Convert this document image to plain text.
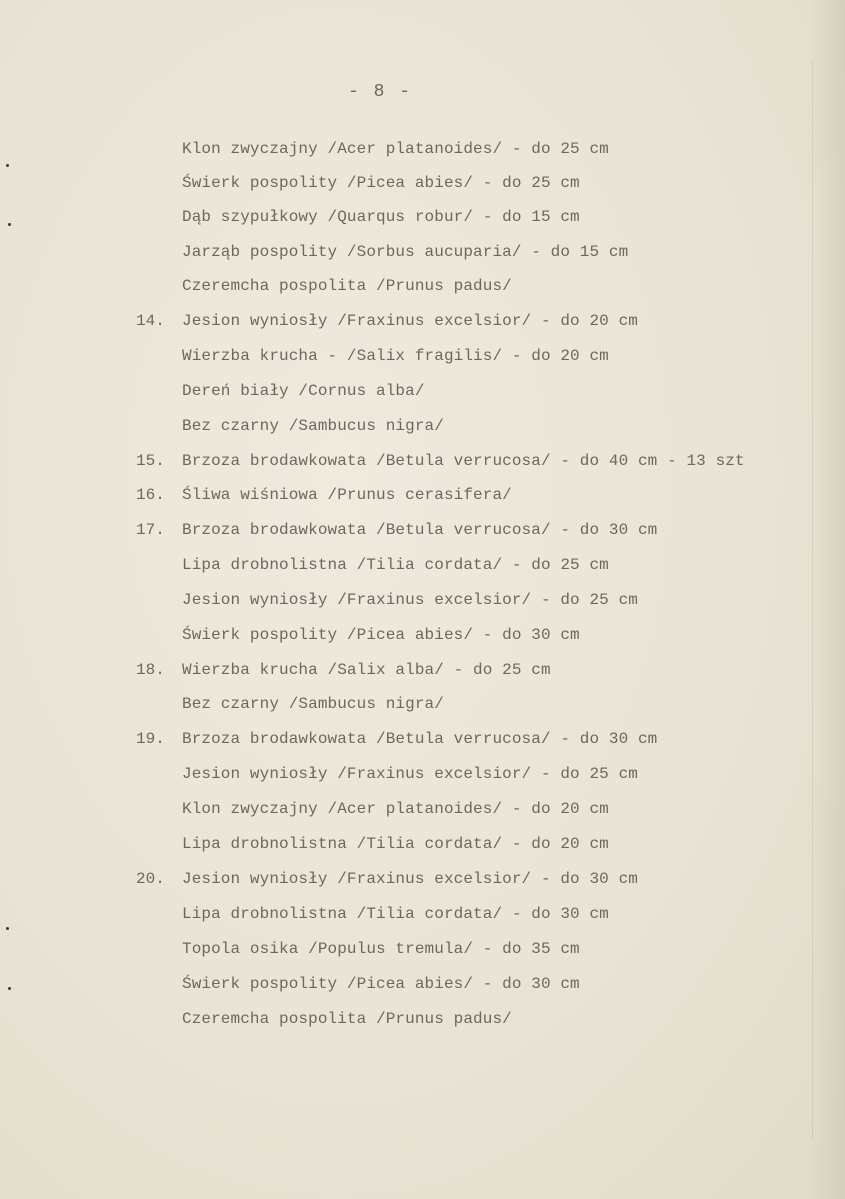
- 8 -
Klon zwyczajny /Acer platanoides/ - do 25 cm
Świerk pospolity /Picea abies/ - do 25 cm
Dąb szypułkowy /Quarqus robur/ - do 15 cm
Jarząb pospolity /Sorbus aucuparia/ - do 15 cm
Czeremcha pospolita /Prunus padus/
14.	Jesion wyniosły /Fraxinus excelsior/ - do 20 cm
Wierzba krucha - /Salix fragilis/ - do 20 cm
Dereń biały /Cornus alba/
Bez czarny /Sambucus nigra/
15.	Brzoza brodawkowata /Betula verrucosa/ - do 40 cm - 13 szt
16.	Śliwa wiśniowa /Prunus cerasifera/
17.	Brzoza brodawkowata /Betula verrucosa/ - do 30 cm
Lipa drobnolistna /Tilia cordata/ - do 25 cm
Jesion wyniosły /Fraxinus excelsior/ - do 25 cm
Świerk pospolity /Picea abies/ - do 30 cm
18.	Wierzba krucha /Salix alba/ - do 25 cm
Bez czarny /Sambucus nigra/
19.	Brzoza brodawkowata /Betula verrucosa/ - do 30 cm
Jesion wyniosły /Fraxinus excelsior/ - do 25 cm
Klon zwyczajny /Acer platanoides/ - do 20 cm
Lipa drobnolistna /Tilia cordata/ - do 20 cm
20.	Jesion wyniosły /Fraxinus excelsior/ - do 30 cm
Lipa drobnolistna /Tilia cordata/ - do 30 cm
Topola osika /Populus tremula/ - do 35 cm
Świerk pospolity /Picea abies/ - do 30 cm
Czeremcha pospolita /Prunus padus/
